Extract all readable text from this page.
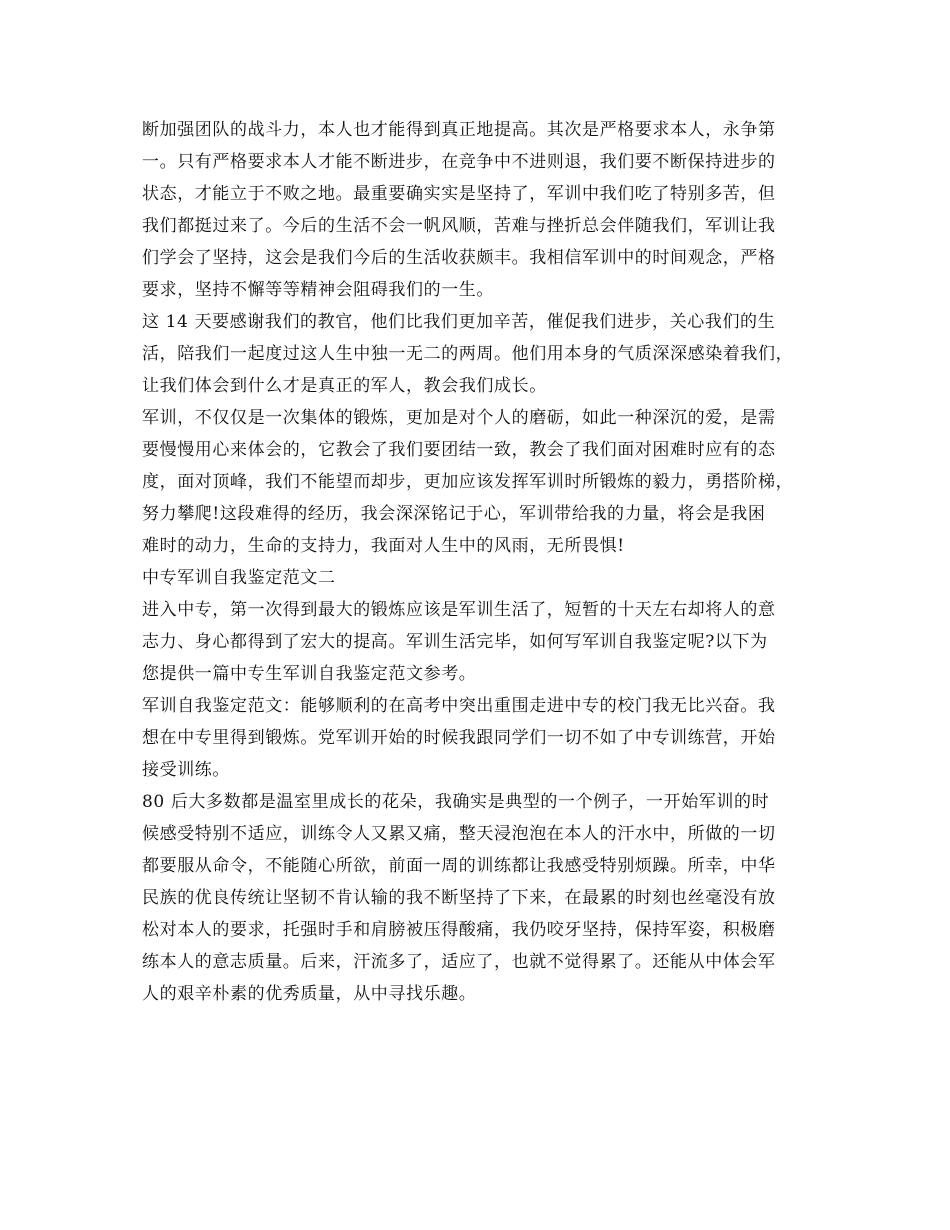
断加强团队的战斗力，本人也才能得到真正地提高。其次是严格要求本人，永争第
一。只有严格要求本人才能不断进步，在竞争中不进则退，我们要不断保持进步的
状态，才能立于不败之地。最重要确实实是坚持了，军训中我们吃了特别多苦，但
我们都挺过来了。今后的生活不会一帆风顺，苦难与挫折总会伴随我们，军训让我
们学会了坚持，这会是我们今后的生活收获颇丰。我相信军训中的时间观念，严格
要求，坚持不懈等等精神会阻碍我们的一生。
这 14 天要感谢我们的教官，他们比我们更加辛苦，催促我们进步，关心我们的生
活，陪我们一起度过这人生中独一无二的两周。他们用本身的气质深深感染着我们，
让我们体会到什么才是真正的军人，教会我们成长。
军训，不仅仅是一次集体的锻炼，更加是对个人的磨砺，如此一种深沉的爱，是需
要慢慢用心来体会的，它教会了我们要团结一致，教会了我们面对困难时应有的态
度，面对顶峰，我们不能望而却步，更加应该发挥军训时所锻炼的毅力，勇搭阶梯，
努力攀爬!这段难得的经历，我会深深铭记于心，军训带给我的力量，将会是我困
难时的动力，生命的支持力，我面对人生中的风雨，无所畏惧!
中专军训自我鉴定范文二
进入中专，第一次得到最大的锻炼应该是军训生活了，短暂的十天左右却将人的意
志力、身心都得到了宏大的提高。军训生活完毕，如何写军训自我鉴定呢?以下为
您提供一篇中专生军训自我鉴定范文参考。
军训自我鉴定范文：能够顺利的在高考中突出重围走进中专的校门我无比兴奋。我
想在中专里得到锻炼。党军训开始的时候我跟同学们一切不如了中专训练营，开始
接受训练。
80 后大多数都是温室里成长的花朵，我确实是典型的一个例子，一开始军训的时
候感受特别不适应，训练令人又累又痛，整天浸泡泡在本人的汗水中，所做的一切
都要服从命令，不能随心所欲，前面一周的训练都让我感受特别烦躁。所幸，中华
民族的优良传统让坚韧不肯认输的我不断坚持了下来，在最累的时刻也丝毫没有放
松对本人的要求，托强时手和肩膀被压得酸痛，我仍咬牙坚持，保持军姿，积极磨
练本人的意志质量。后来，汗流多了，适应了，也就不觉得累了。还能从中体会军
人的艰辛朴素的优秀质量，从中寻找乐趣。
